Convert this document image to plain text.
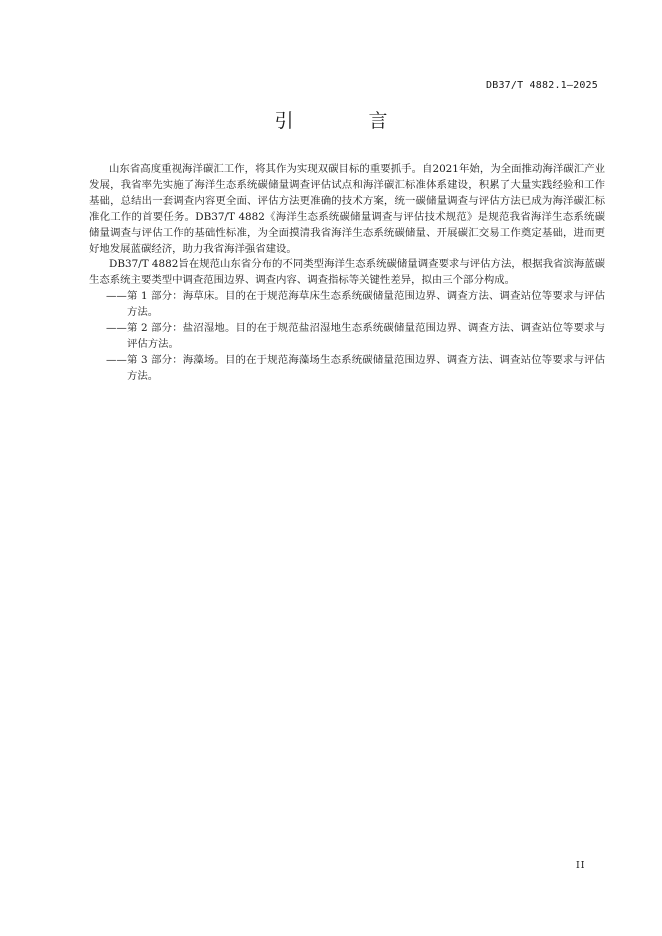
DB37/T 4882.1—2025
引　言

山东省高度重视海洋碳汇工作，将其作为实现双碳目标的重要抓手。自2021年始，为全面推动海洋碳汇产业发展，我省率先实施了海洋生态系统碳储量调查评估试点和海洋碳汇标准体系建设，积累了大量实践经验和工作基础，总结出一套调查内容更全面、评估方法更准确的技术方案，统一碳储量调查与评估方法已成为海洋碳汇标准化工作的首要任务。DB37/T 4882《海洋生态系统碳储量调查与评估技术规范》是规范我省海洋生态系统碳储量调查与评估工作的基础性标准，为全面摸清我省海洋生态系统碳储量、开展碳汇交易工作奠定基础，进而更好地发展蓝碳经济，助力我省海洋强省建设。

DB37/T 4882旨在规范山东省分布的不同类型海洋生态系统碳储量调查要求与评估方法，根据我省滨海蓝碳生态系统主要类型中调查范围边界、调查内容、调查指标等关键性差异，拟由三个部分构成。

——第 1 部分：海草床。目的在于规范海草床生态系统碳储量范围边界、调查方法、调查站位等要求与评估方法。

——第 2 部分：盐沼湿地。目的在于规范盐沼湿地生态系统碳储量范围边界、调查方法、调查站位等要求与评估方法。

——第 3 部分：海藻场。目的在于规范海藻场生态系统碳储量范围边界、调查方法、调查站位等要求与评估方法。

II
